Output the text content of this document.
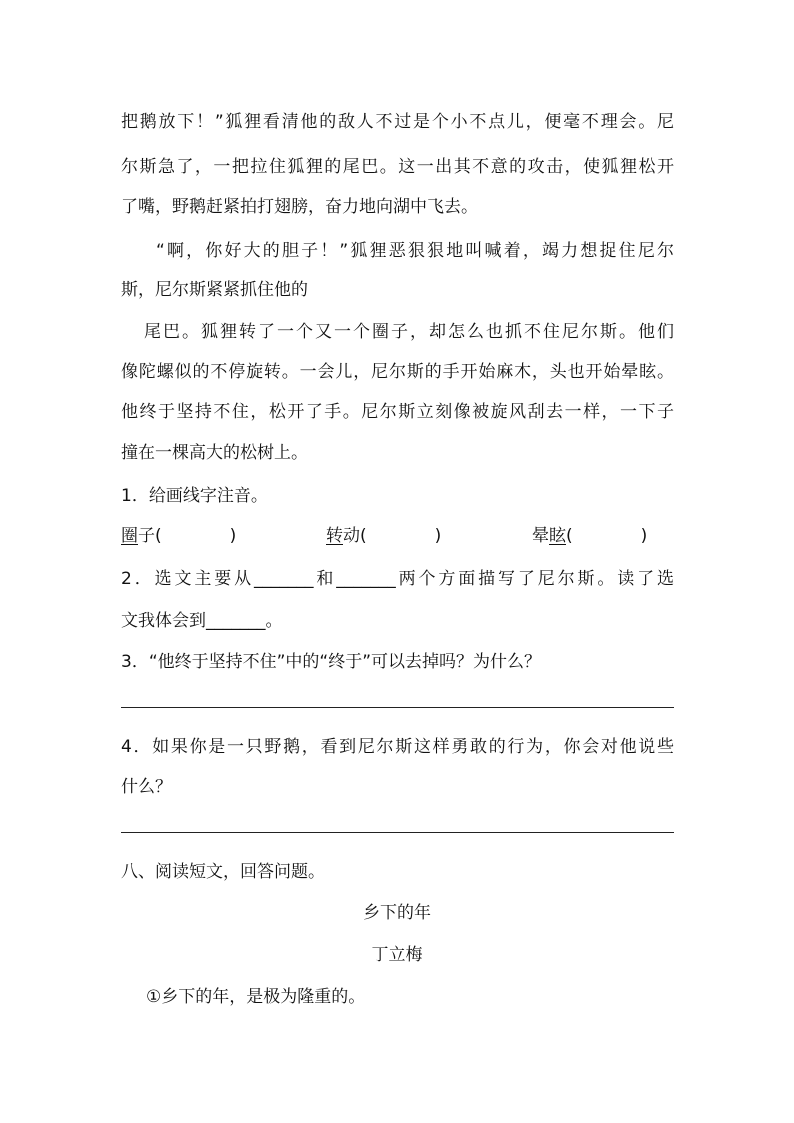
把鹅放下！”狐狸看清他的敌人不过是个小不点儿，便毫不理会。尼
尔斯急了，一把拉住狐狸的尾巴。这一出其不意的攻击，使狐狸松开
了嘴，野鹅赶紧拍打翅膀，奋力地向湖中飞去。
“啊，你好大的胆子！”狐狸恶狠狠地叫喊着，竭力想捉住尼尔
斯，尼尔斯紧紧抓住他的
尾巴。狐狸转了一个又一个圈子，却怎么也抓不住尼尔斯。他们
像陀螺似的不停旋转。一会儿，尼尔斯的手开始麻木，头也开始晕眩。
他终于坚持不住，松开了手。尼尔斯立刻像被旋风刮去一样，一下子
撞在一棵高大的松树上。
1．给画线字注音。
圈子(	)	转动(	)	晕眩(	)
2．选文主要从_______和_______两个方面描写了尼尔斯。读了选
文我体会到_______。
3．“他终于坚持不住”中的“终于”可以去掉吗？为什么？
4．如果你是一只野鹅，看到尼尔斯这样勇敢的行为，你会对他说些
什么？
八、阅读短文，回答问题。
乡下的年
丁立梅
①乡下的年，是极为隆重的。
